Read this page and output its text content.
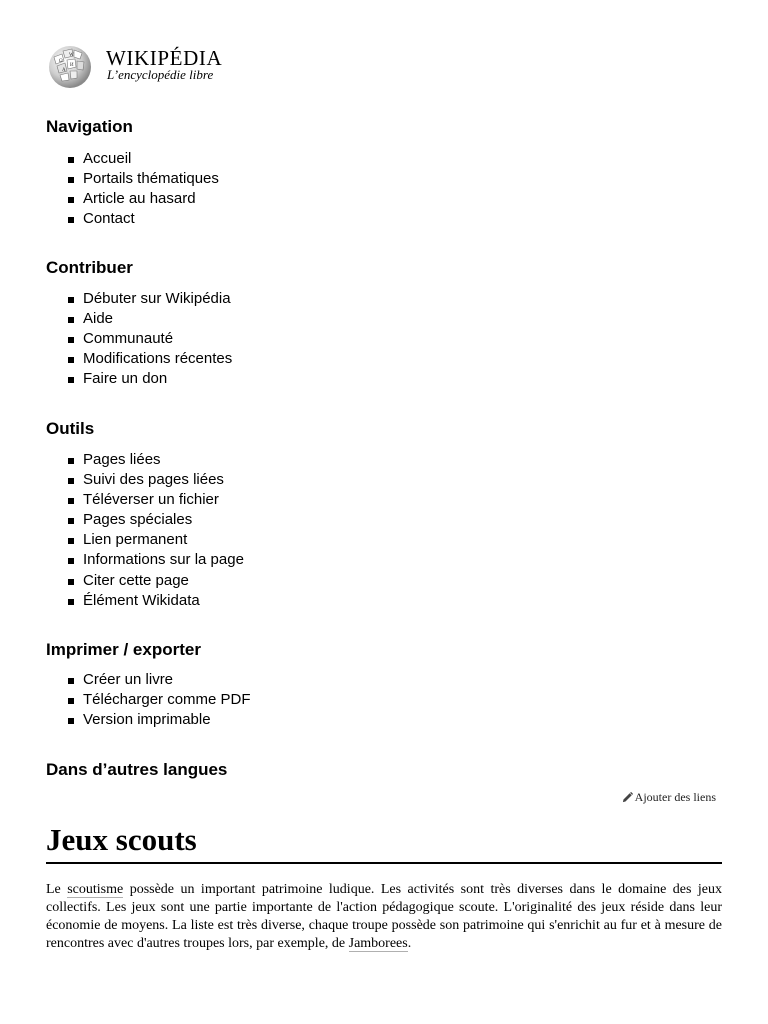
Ω
W
И
A
WIKIPÉDIA
L’encyclopédie libre
Navigation
Accueil
Portails thématiques
Article au hasard
Contact
Contribuer
Débuter sur Wikipédia
Aide
Communauté
Modifications récentes
Faire un don
Outils
Pages liées
Suivi des pages liées
Téléverser un fichier
Pages spéciales
Lien permanent
Informations sur la page
Citer cette page
Élément Wikidata
Imprimer / exporter
Créer un livre
Télécharger comme PDF
Version imprimable
Dans d’autres langues
Ajouter des liens
Jeux scouts

Le scoutisme possède un important patrimoine ludique. Les activités sont très diverses dans le domaine des jeux collectifs. Les jeux sont une partie importante de l'action pédagogique scoute. L'originalité des jeux réside dans leur économie de moyens. La liste est très diverse, chaque troupe possède son patrimoine qui s'enrichit au fur et à mesure de rencontres avec d'autres troupes lors, par exemple, de Jamborees.
